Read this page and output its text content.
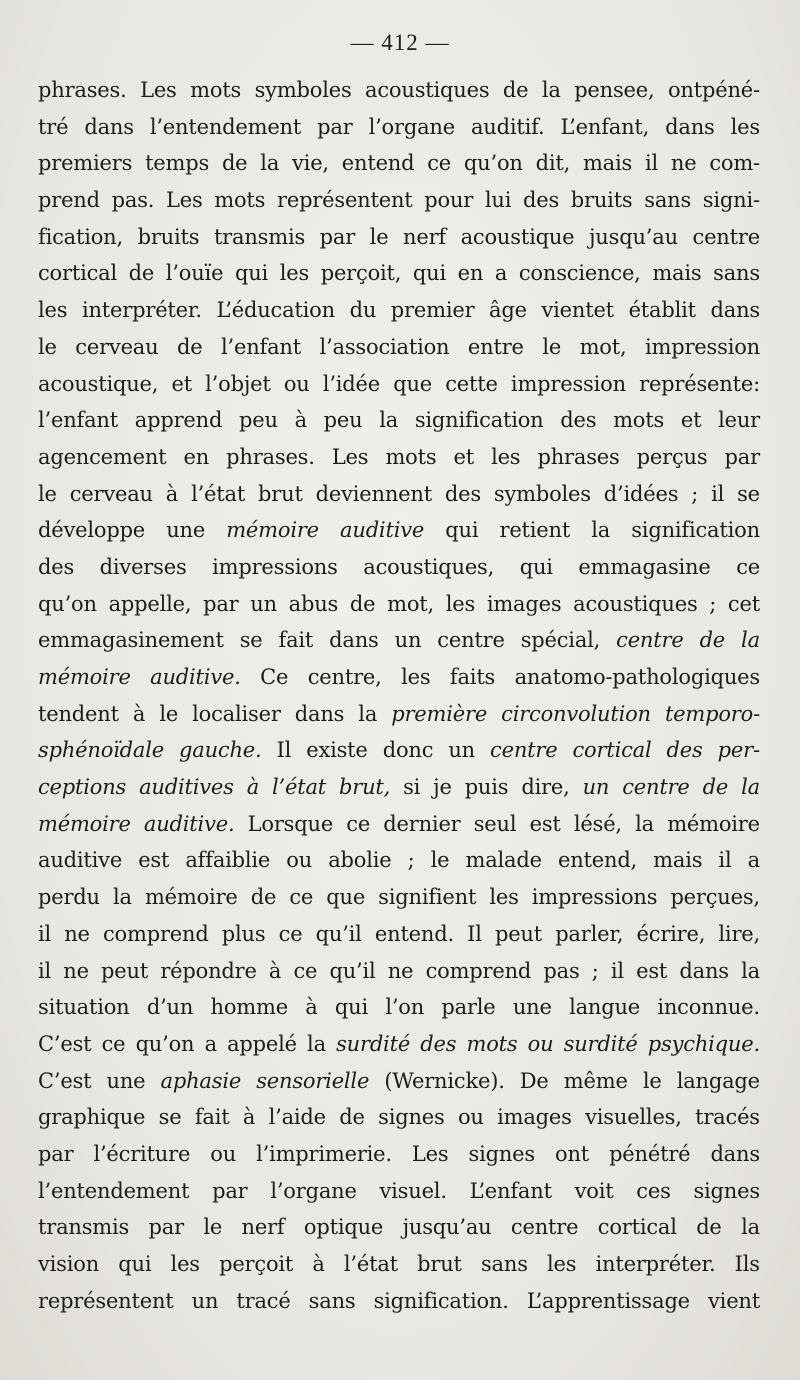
— 412 —
phrases. Les mots symboles acoustiques de la pensee, ontpéné-
tré dans l’entendement par l’organe auditif. L’enfant, dans les
premiers temps de la vie, entend ce qu’on dit, mais il ne com-
prend pas. Les mots représentent pour lui des bruits sans signi-
fication, bruits transmis par le nerf acoustique jusqu’au centre
cortical de l’ouïe qui les perçoit, qui en a conscience, mais sans
les interpréter. L’éducation du premier âge vientet établit dans
le cerveau de l’enfant l’association entre le mot, impression
acoustique, et l’objet ou l’idée que cette impression représente:
l’enfant apprend peu à peu la signification des mots et leur
agencement en phrases. Les mots et les phrases perçus par
le cerveau à l’état brut deviennent des symboles d’idées ; il se
développe une mémoire auditive qui retient la signification
des diverses impressions acoustiques, qui emmagasine ce
qu’on appelle, par un abus de mot, les images acoustiques ; cet
emmagasinement se fait dans un centre spécial, centre de la
mémoire auditive. Ce centre, les faits anatomo-pathologiques
tendent à le localiser dans la première circonvolution temporo-
sphénoïdale gauche. Il existe donc un centre cortical des per-
ceptions auditives à l’état brut, si je puis dire, un centre de la
mémoire auditive. Lorsque ce dernier seul est lésé, la mémoire
auditive est affaiblie ou abolie ; le malade entend, mais il a
perdu la mémoire de ce que signifient les impressions perçues,
il ne comprend plus ce qu’il entend. Il peut parler, écrire, lire,
il ne peut répondre à ce qu’il ne comprend pas ; il est dans la
situation d’un homme à qui l’on parle une langue inconnue.
C’est ce qu’on a appelé la surdité des mots ou surdité psychique.
C’est une aphasie sensorielle (Wernicke). De même le langage
graphique se fait à l’aide de signes ou images visuelles, tracés
par l’écriture ou l’imprimerie. Les signes ont pénétré dans
l’entendement par l’organe visuel. L’enfant voit ces signes
transmis par le nerf optique jusqu’au centre cortical de la
vision qui les perçoit à l’état brut sans les interpréter. Ils
représentent un tracé sans signification. L’apprentissage vient
